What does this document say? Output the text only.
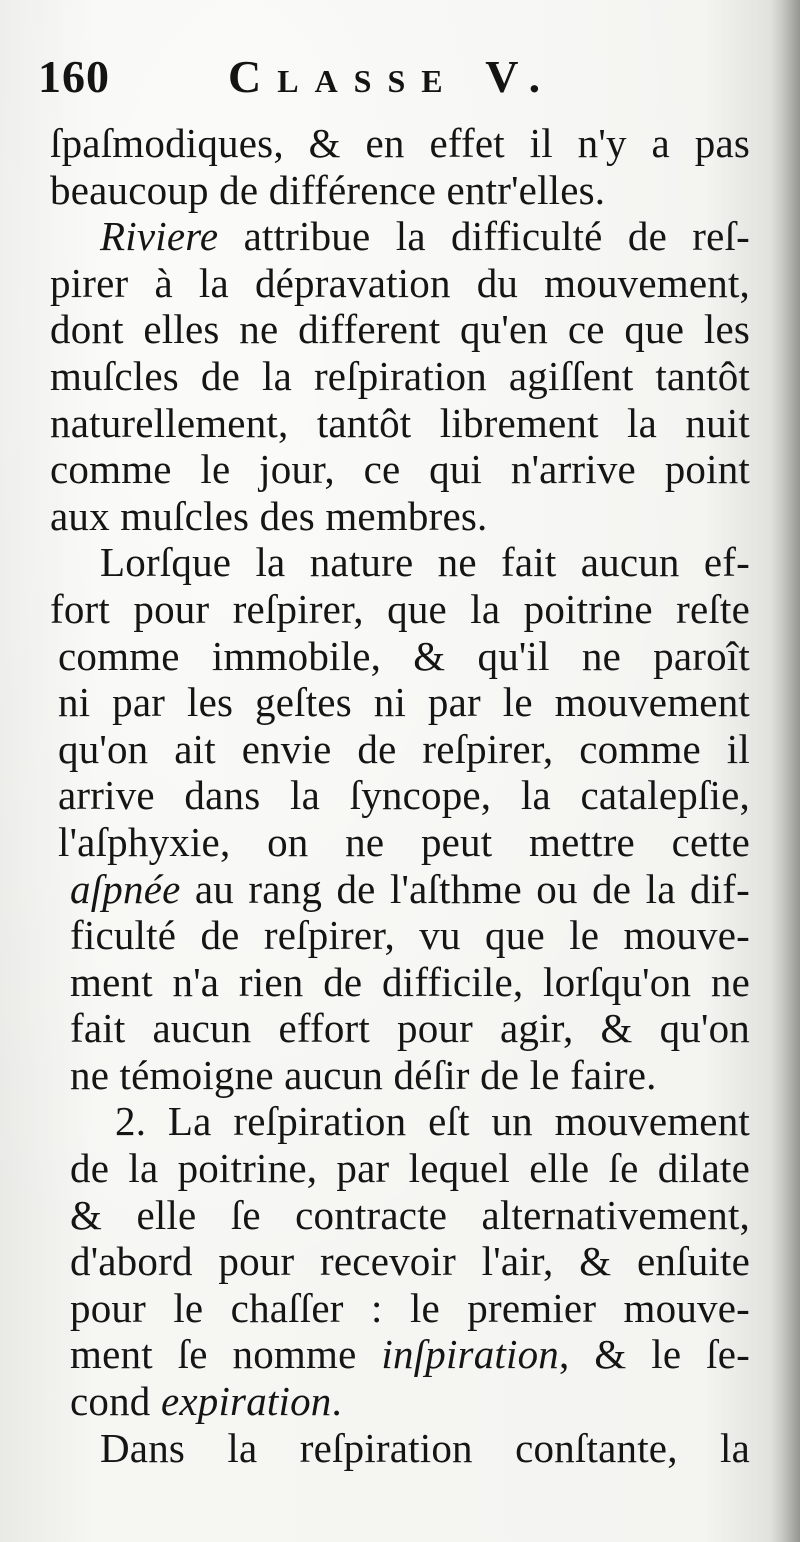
160	Classe V.
ſpaſmodiques, & en effet il n'y a pas
beaucoup de différence entr'elles.
Riviere attribue la difficulté de reſ-
pirer à la dépravation du mouvement,
dont elles ne different qu'en ce que les
muſcles de la reſpiration agiſſent tantôt
naturellement, tantôt librement la nuit
comme le jour, ce qui n'arrive point
aux muſcles des membres.
Lorſque la nature ne fait aucun ef-
fort pour reſpirer, que la poitrine reſte
comme immobile, & qu'il ne paroît
ni par les geſtes ni par le mouvement
qu'on ait envie de reſpirer, comme il
arrive dans la ſyncope, la catalepſie,
l'aſphyxie, on ne peut mettre cette
aſpnée au rang de l'aſthme ou de la dif-
ficulté de reſpirer, vu que le mouve-
ment n'a rien de difficile, lorſqu'on ne
fait aucun effort pour agir, & qu'on
ne témoigne aucun déſir de le faire.
2. La reſpiration eſt un mouvement
de la poitrine, par lequel elle ſe dilate
& elle ſe contracte alternativement,
d'abord pour recevoir l'air, & enſuite
pour le chaſſer : le premier mouve-
ment ſe nomme inſpiration, & le ſe-
cond expiration.
Dans la reſpiration conſtante, la
